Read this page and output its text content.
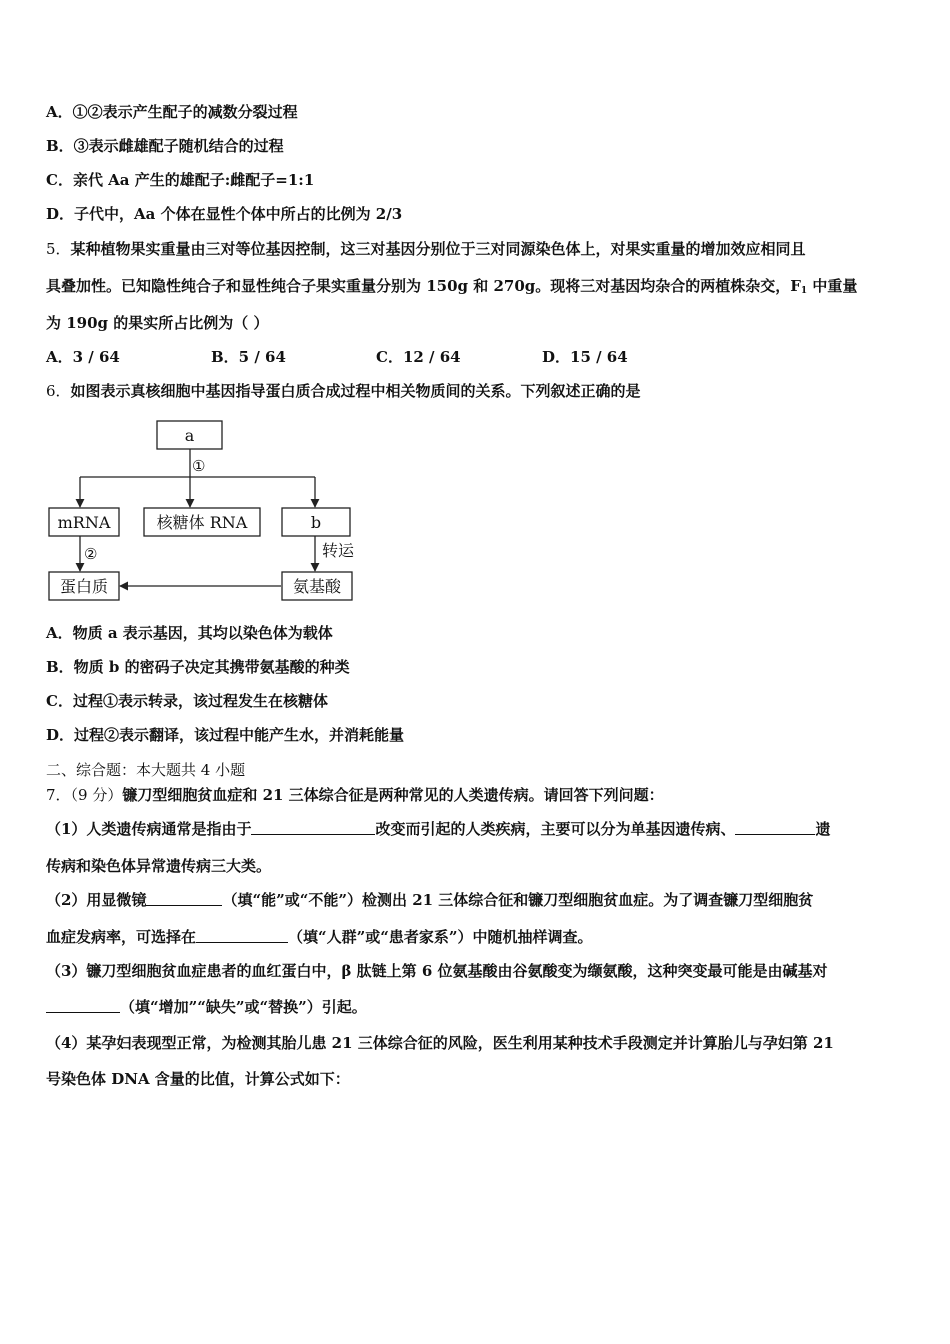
A．①②表示产生配子的减数分裂过程
B．③表示雌雄配子随机结合的过程
C．亲代 Aa 产生的雄配子:雌配子=1:1
D．子代中，Aa 个体在显性个体中所占的比例为 2/3
5．某种植物果实重量由三对等位基因控制，这三对基因分别位于三对同源染色体上，对果实重量的增加效应相同且
具叠加性。已知隐性纯合子和显性纯合子果实重量分别为 150g 和 270g。现将三对基因均杂合的两植株杂交，$F_1$ 中重量
为 190g 的果实所占比例为（ ）
A．3 / 64	B．5 / 64	C．12 / 64	D．15 / 64
6．如图表示真核细胞中基因指导蛋白质合成过程中相关物质间的关系。下列叙述正确的是
a
①
mRNA	核糖体 RNA	b
②	转运
蛋白质	氨基酸
A．物质 a 表示基因，其均以染色体为载体
B．物质 b 的密码子决定其携带氨基酸的种类
C．过程①表示转录，该过程发生在核糖体
D．过程②表示翻译，该过程中能产生水，并消耗能量
二、综合题：本大题共 4 小题
7．（9 分）镰刀型细胞贫血症和 21 三体综合征是两种常见的人类遗传病。请回答下列问题：
（1）人类遗传病通常是指由于	改变而引起的人类疾病，主要可以分为单基因遗传病、	遗
传病和染色体异常遗传病三大类。
（2）用显微镜	（填“能”或“不能”）检测出 21 三体综合征和镰刀型细胞贫血症。为了调查镰刀型细胞贫
血症发病率，可选择在	（填“人群”或“患者家系”）中随机抽样调查。
（3）镰刀型细胞贫血症患者的血红蛋白中，β 肽链上第 6 位氨基酸由谷氨酸变为缬氨酸，这种突变最可能是由碱基对
（填“增加”“缺失”或“替换”）引起。
（4）某孕妇表现型正常，为检测其胎儿患 21 三体综合征的风险，医生利用某种技术手段测定并计算胎儿与孕妇第 21
号染色体 DNA 含量的比值，计算公式如下：
